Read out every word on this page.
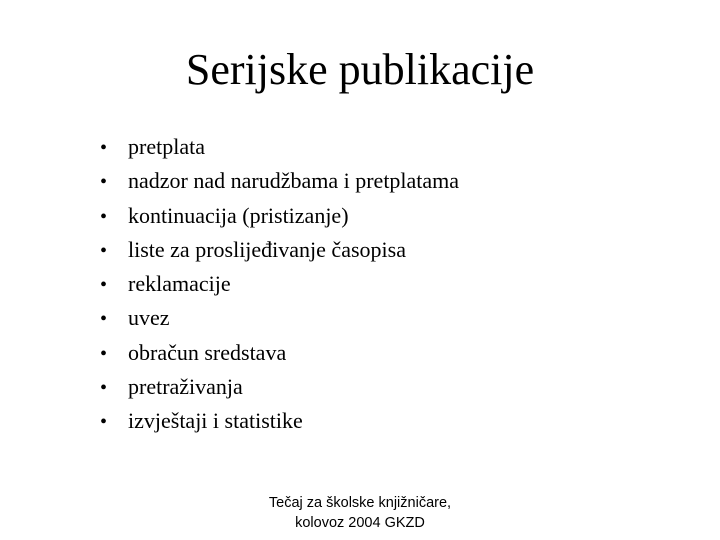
Serijske publikacije
• pretplata
• nadzor nad narudžbama i pretplatama
• kontinuacija (pristizanje)
• liste za proslijeđivanje časopisa
• reklamacije
• uvez
• obračun sredstava
• pretraživanja
• izvještaji i statistike
Tečaj za školske knjižničare,
kolovoz 2004 GKZD
